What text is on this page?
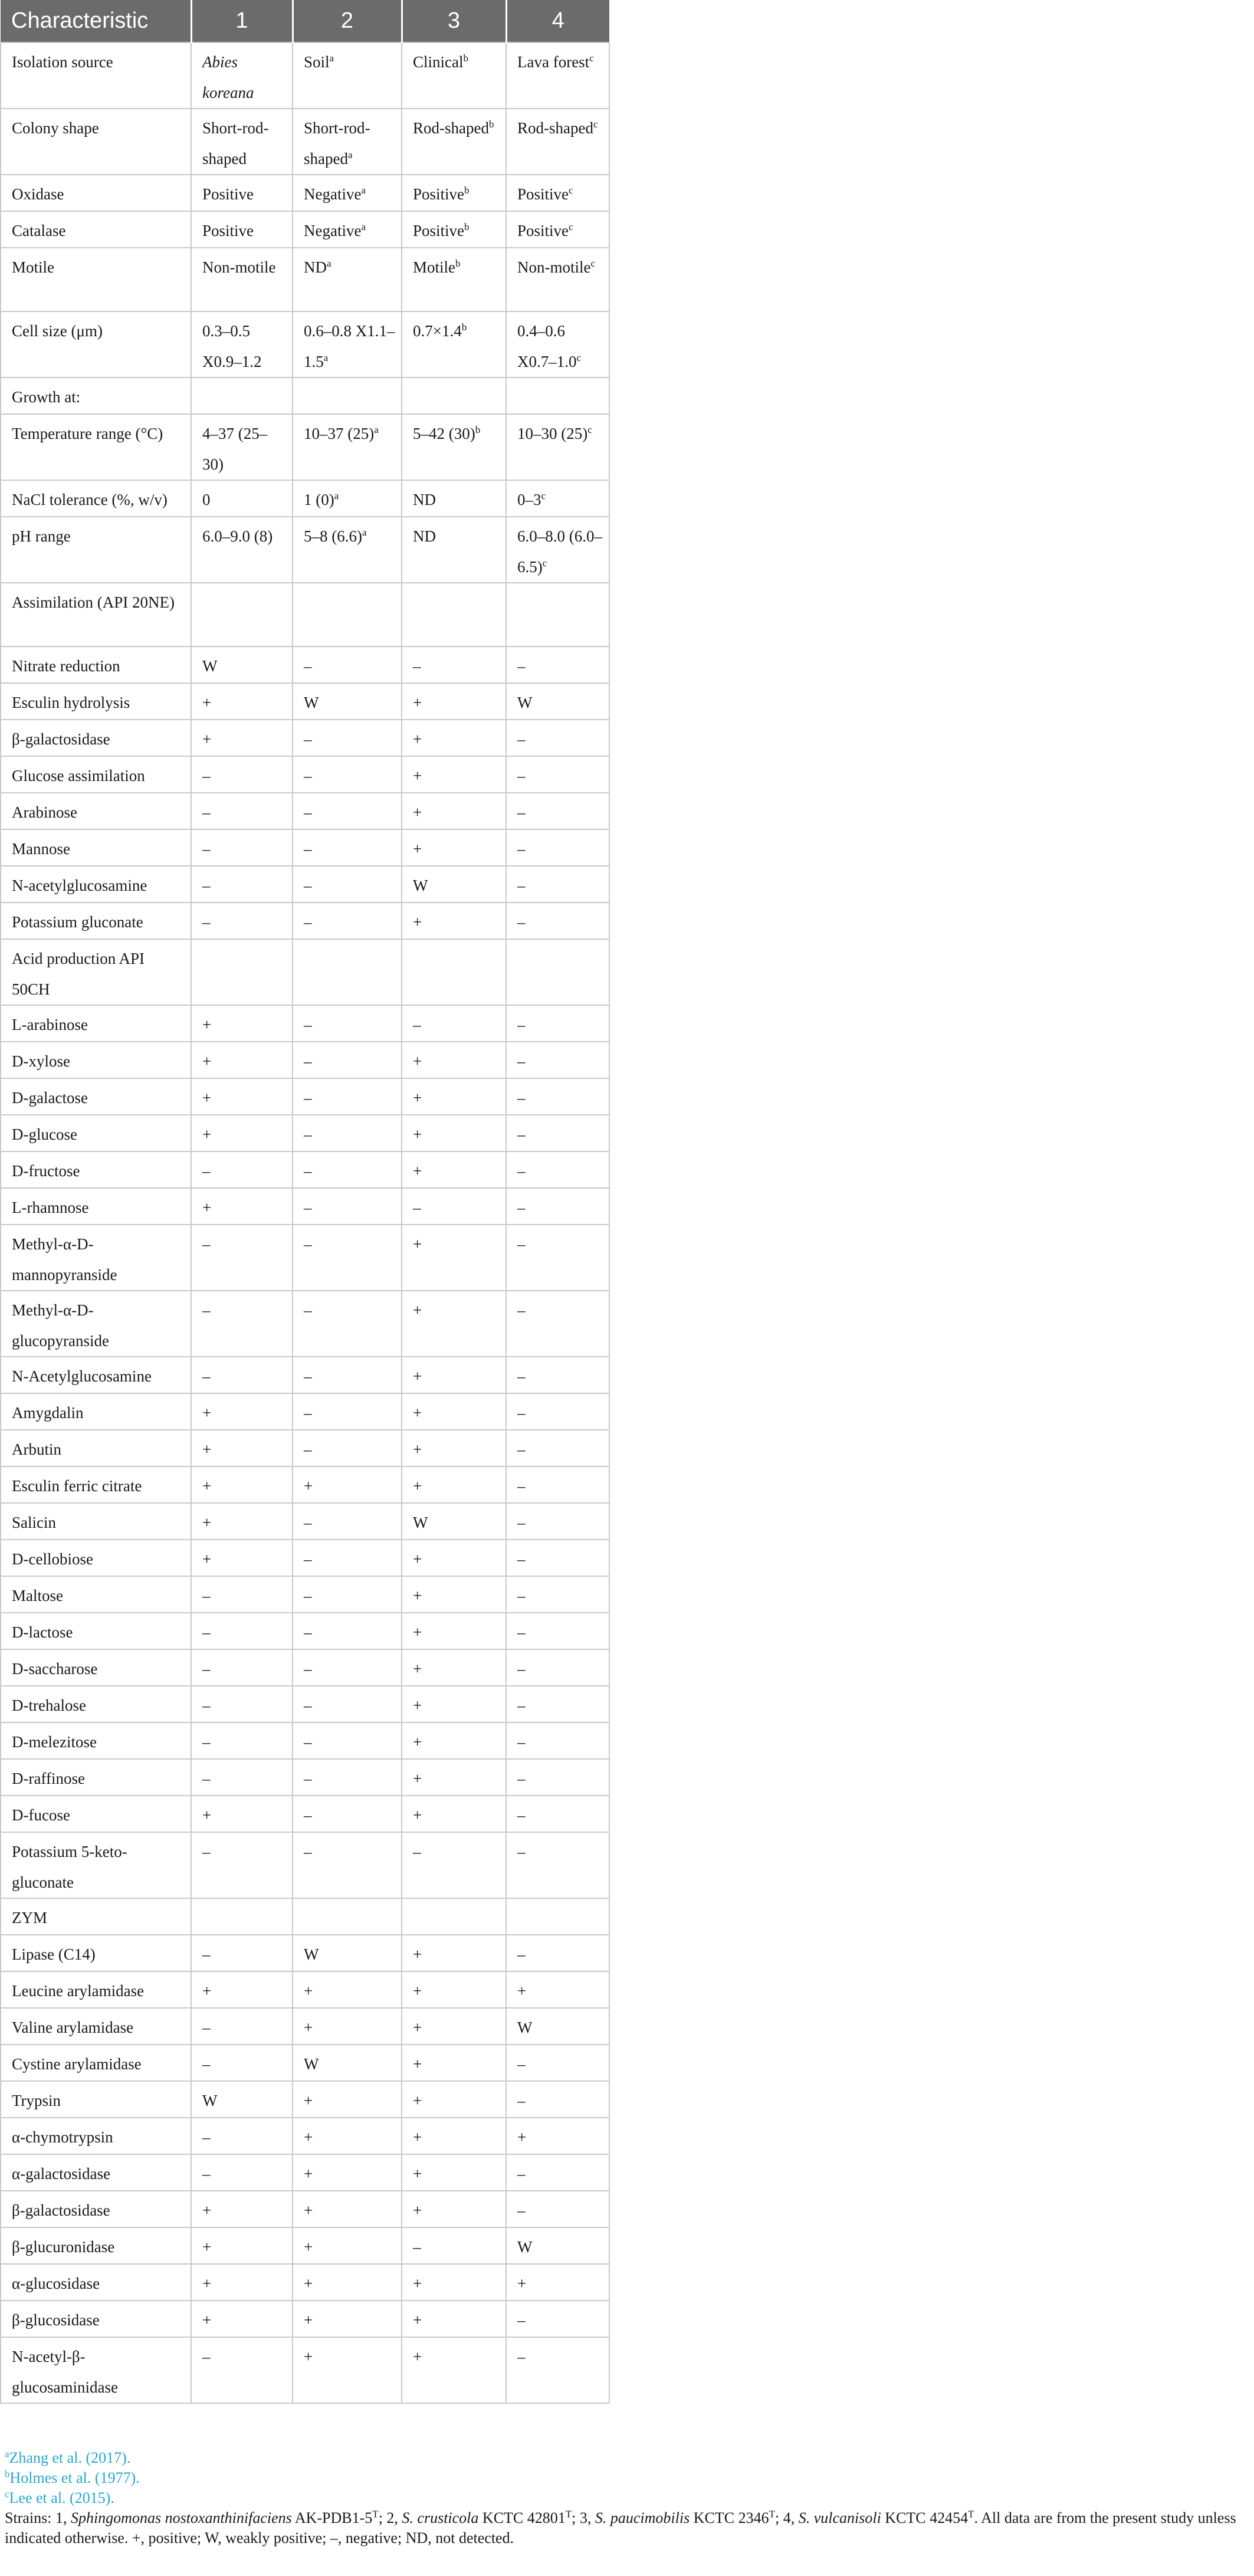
Characteristic	1	2	3	4
Isolation source	Abies koreana	Soil$^a$	Clinical$^b$	Lava forest$^c$
Colony shape	Short-rod-shaped	Short-rod-shaped$^a$	Rod-shaped$^b$	Rod-shaped$^c$
Oxidase	Positive	Negative$^a$	Positive$^b$	Positive$^c$
Catalase	Positive	Negative$^a$	Positive$^b$	Positive$^c$
Motile	Non-motile	$ND^a$	Motile$^b$	Non-motile$^c$
Cell size (μm)	0.3–0.5 X0.9–1.2	0.6–0.8 X1.1–1.5$^a$	0.7×1.4$^b$	0.4–0.6 X0.7–1.0$^c$
Growth at:				
Temperature range (°C)	4–37 (25–30)	10–37 $(25)^a$	5–42 $(30)^b$	10–30 $(25)^c$
NaCl tolerance (%, w/v)	0	1 $(0)^a$	ND	0–3$^c$
pH range	6.0–9.0 (8)	5–8 $(6.6)^a$	ND	6.0–8.0 $(6.0-6.5)^c$
Assimilation (API 20NE)				
Nitrate reduction	W	–	–	–
Esculin hydrolysis	+	W	+	W
β-galactosidase	+	–	+	–
Glucose assimilation	–	–	+	–
Arabinose	–	–	+	–
Mannose	–	–	+	–
N-acetylglucosamine	–	–	W	–
Potassium gluconate	–	–	+	–
Acid production API 50CH				
L-arabinose	+	–	–	–
D-xylose	+	–	+	–
D-galactose	+	–	+	–
D-glucose	+	–	+	–
D-fructose	–	–	+	–
L-rhamnose	+	–	–	–
Methyl-α-D-mannopyranside	–	–	+	–
Methyl-α-D-glucopyranside	–	–	+	–
N-Acetylglucosamine	–	–	+	–
Amygdalin	+	–	+	–
Arbutin	+	–	+	–
Esculin ferric citrate	+	+	+	–
Salicin	+	–	W	–
D-cellobiose	+	–	+	–
Maltose	–	–	+	–
D-lactose	–	–	+	–
D-saccharose	–	–	+	–
D-trehalose	–	–	+	–
D-melezitose	–	–	+	–
D-raffinose	–	–	+	–
D-fucose	+	–	+	–
Potassium 5-keto-gluconate	–	–	–	–
ZYM				
Lipase (C14)	–	W	+	–
Leucine arylamidase	+	+	+	+
Valine arylamidase	–	+	+	W
Cystine arylamidase	–	W	+	–
Trypsin	W	+	+	–
α-chymotrypsin	–	+	+	+
α-galactosidase	–	+	+	–
β-galactosidase	+	+	+	–
β-glucuronidase	+	+	–	W
α-glucosidase	+	+	+	+
β-glucosidase	+	+	+	–
N-acetyl-β-glucosaminidase	–	+	+	–
$^a$Zhang et al. (2017).
$^b$Holmes et al. (1977).
$^c$Lee et al. (2015).
Strains: 1, Sphingomonas nostoxanthinifaciens $AK-PDB1-5^T$; 2, S. crusticola KCTC $42801^T$; 3, S. paucimobilis KCTC $2346^T$; 4, S. vulcanisoli KCTC $42454^T$. All data are from the present study unless indicated otherwise. +, positive; W, weakly positive; –, negative; ND, not detected.
